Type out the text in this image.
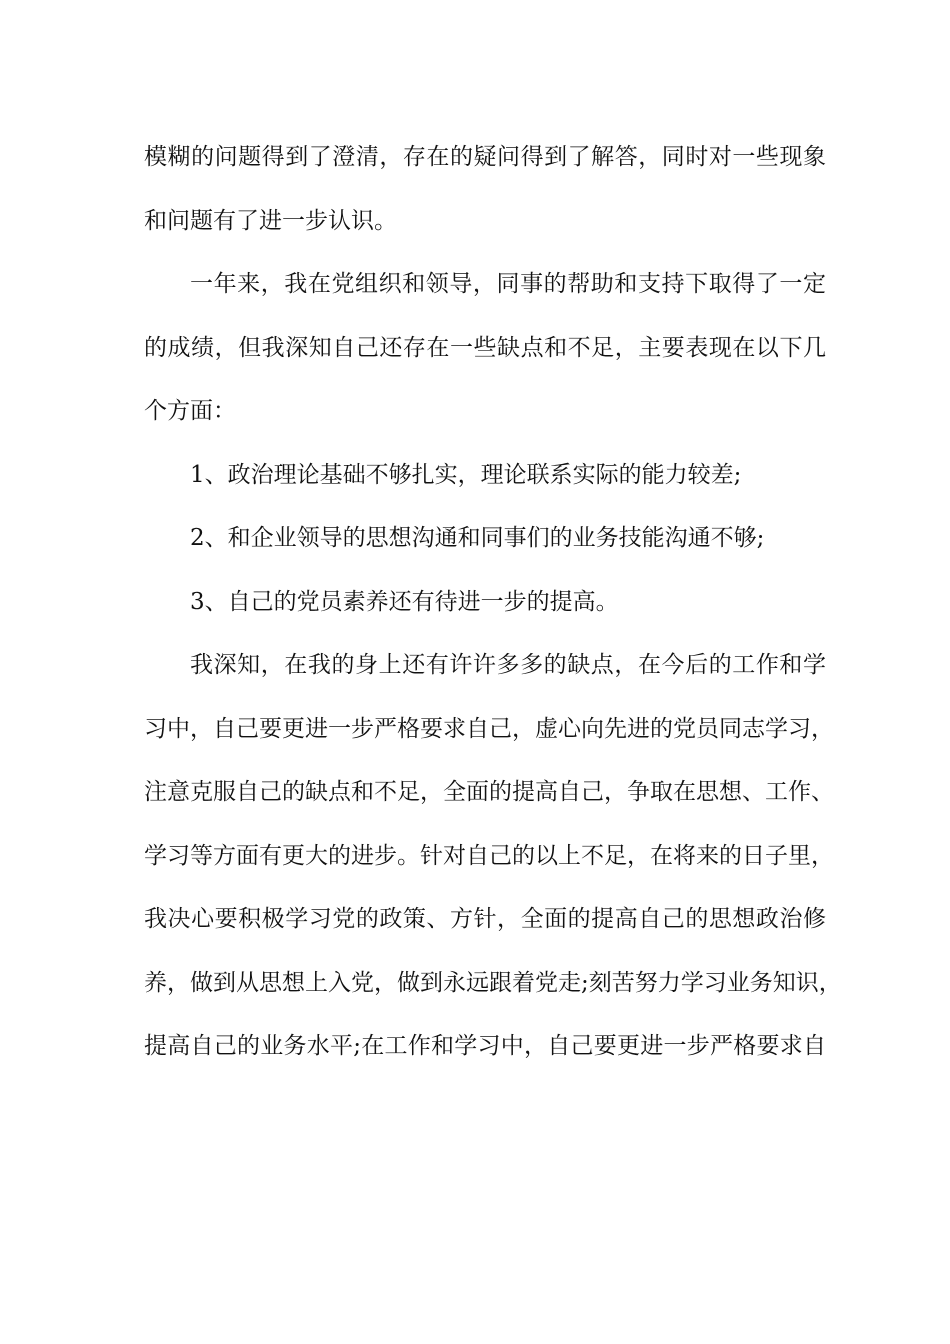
模糊的问题得到了澄清，存在的疑问得到了解答，同时对一些现象
和问题有了进一步认识。
一年来，我在党组织和领导，同事的帮助和支持下取得了一定
的成绩，但我深知自己还存在一些缺点和不足，主要表现在以下几
个方面：
1、政治理论基础不够扎实，理论联系实际的能力较差;
2、和企业领导的思想沟通和同事们的业务技能沟通不够;
3、自己的党员素养还有待进一步的提高。
我深知，在我的身上还有许许多多的缺点，在今后的工作和学
习中，自己要更进一步严格要求自己，虚心向先进的党员同志学习，
注意克服自己的缺点和不足，全面的提高自己，争取在思想、工作、
学习等方面有更大的进步。针对自己的以上不足，在将来的日子里，
我决心要积极学习党的政策、方针，全面的提高自己的思想政治修
养，做到从思想上入党，做到永远跟着党走;刻苦努力学习业务知识，
提高自己的业务水平;在工作和学习中，自己要更进一步严格要求自
